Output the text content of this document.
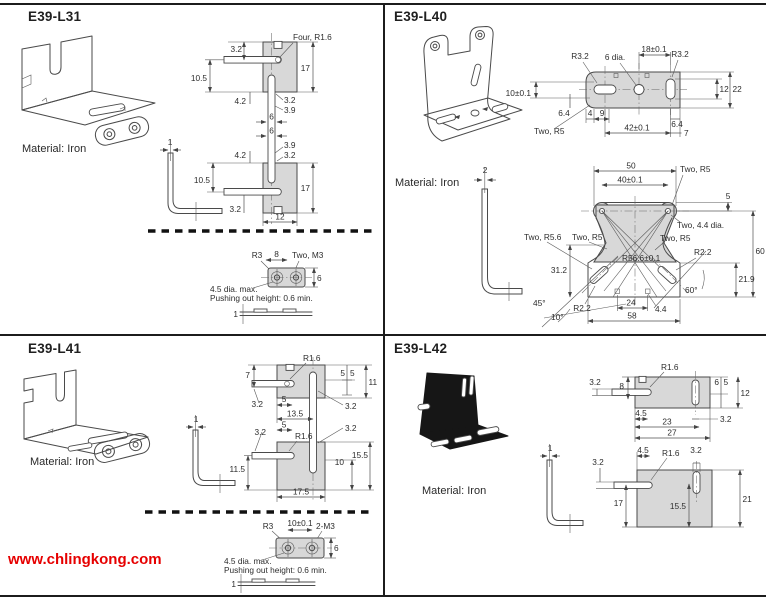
E39-L31
Material: Iron
1
Four, R1.6
3.2
10.5
17
4.2	3.2
3.9
6
6
3.9
3.2
4.2
10.5
17
3.2
12
R3 8 Two, M3
6
4.5 dia. max.
Pushing out height: 0.6 min.
1
E39-L40
Material: Iron
R3.2 6 dia.
18±0.1 R3.2
12 22
10±0.1
6.4 4 9
6.4
Two, R5	42±0.1
7
2	50	Two, R5
40±0.1
5
Two, 4.4 dia.
Two, R5.6 Two, R5	Two, R5
R56.6±0.1
R2.2
31.2
60
21.9
60°
45°	R2.2
24
4.4
10°	58
E39-L41
Material: Iron
1
R1.6
7	5 5
11
3.2 5
3.2
13.5
5	3.2
3.2	R1.6
11.5
10
15.5
17.5
R3 10±0.1 2-M3
6
4.5 dia. max.
Pushing out height: 0.6 min.
1
E39-L42
Material: Iron
R1.6
3.2 8	6 5
12
4.5
3.2
23
27
1	4.5 R1.6 3.2
3.2
17	15.5
21
www.chlingkong.com
